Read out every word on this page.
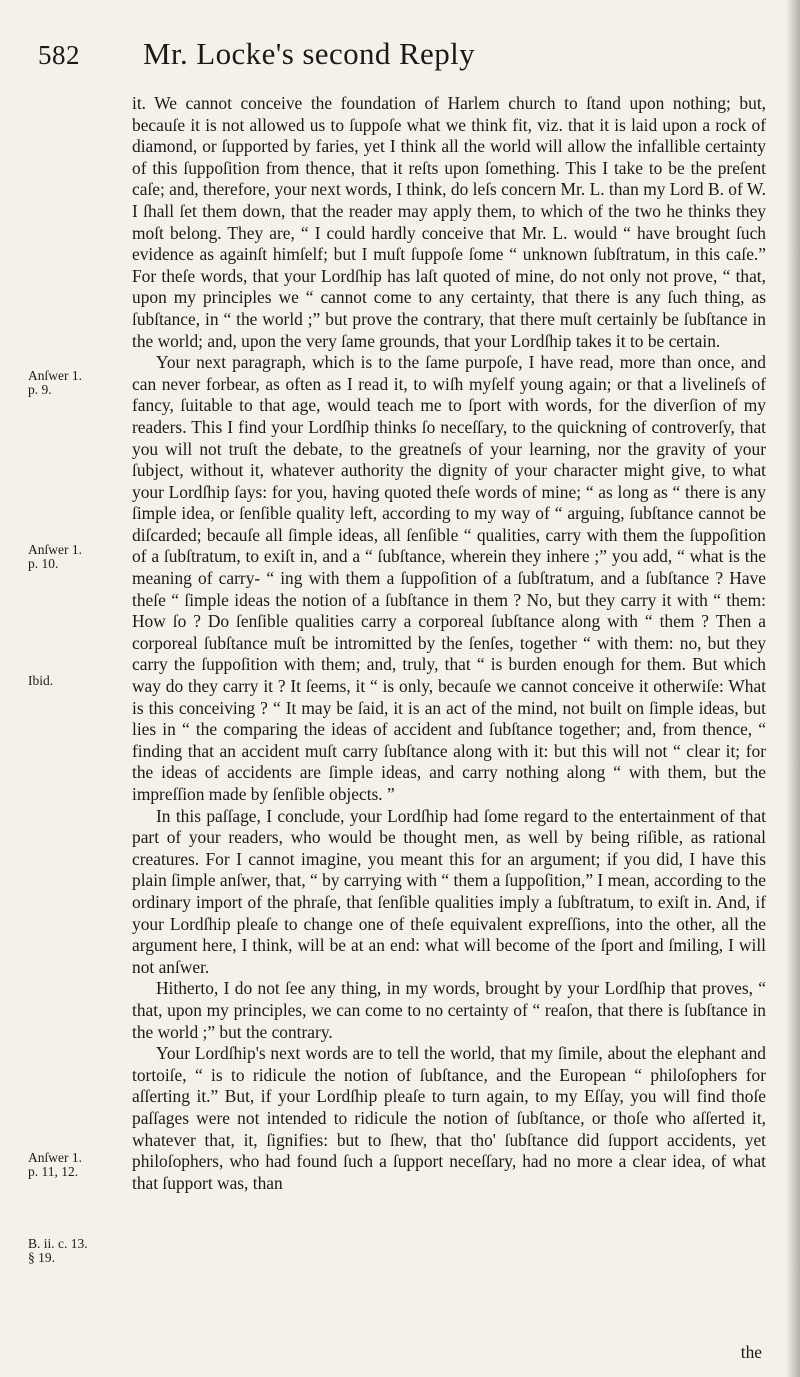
582 Mr. Locke's second Reply
Anſwer 1.
p. 9.
Anſwer 1.
p. 10.
Ibid.
Anſwer 1.
p. 11, 12.
B. ii. c. 13.
§ 19.

it. We cannot conceive the foundation of Harlem church to ſtand upon nothing; but, becauſe it is not allowed us to ſuppoſe what we think fit, viz. that it is laid upon a rock of diamond, or ſupported by faries, yet I think all the world will allow the infallible certainty of this ſuppoſition from thence, that it reſts upon ſomething. This I take to be the preſent caſe; and, therefore, your next words, I think, do leſs concern Mr. L. than my Lord B. of W. I ſhall ſet them down, that the reader may apply them, to which of the two he thinks they moſt belong. They are, “ I could hardly conceive that Mr. L. would “ have brought ſuch evidence as againſt himſelf; but I muſt ſuppoſe ſome “ unknown ſubſtratum, in this caſe.” For theſe words, that your Lordſhip has laſt quoted of mine, do not only not prove, “ that, upon my principles we “ cannot come to any certainty, that there is any ſuch thing, as ſubſtance, in “ the world ;” but prove the contrary, that there muſt certainly be ſubſtance in the world; and, upon the very ſame grounds, that your Lordſhip takes it to be certain.

Your next paragraph, which is to the ſame purpoſe, I have read, more than once, and can never forbear, as often as I read it, to wiſh myſelf young again; or that a livelineſs of fancy, ſuitable to that age, would teach me to ſport with words, for the diverſion of my readers. This I find your Lordſhip thinks ſo neceſſary, to the quickning of controverſy, that you will not truſt the debate, to the greatneſs of your learning, nor the gravity of your ſubject, without it, whatever authority the dignity of your character might give, to what your Lordſhip ſays: for you, having quoted theſe words of mine; “ as long as “ there is any ſimple idea, or ſenſible quality left, according to my way of “ arguing, ſubſtance cannot be diſcarded; becauſe all ſimple ideas, all ſenſible “ qualities, carry with them the ſuppoſition of a ſubſtratum, to exiſt in, and a “ ſubſtance, wherein they inhere ;” you add, “ what is the meaning of carry- “ ing with them a ſuppoſition of a ſubſtratum, and a ſubſtance ? Have theſe “ ſimple ideas the notion of a ſubſtance in them ? No, but they carry it with “ them: How ſo ? Do ſenſible qualities carry a corporeal ſubſtance along with “ them ? Then a corporeal ſubſtance muſt be intromitted by the ſenſes, together “ with them: no, but they carry the ſuppoſition with them; and, truly, that “ is burden enough for them. But which way do they carry it ? It ſeems, it “ is only, becauſe we cannot conceive it otherwiſe: What is this conceiving ? “ It may be ſaid, it is an act of the mind, not built on ſimple ideas, but lies in “ the comparing the ideas of accident and ſubſtance together; and, from thence, “ finding that an accident muſt carry ſubſtance along with it: but this will not “ clear it; for the ideas of accidents are ſimple ideas, and carry nothing along “ with them, but the impreſſion made by ſenſible objects. ”

In this paſſage, I conclude, your Lordſhip had ſome regard to the entertainment of that part of your readers, who would be thought men, as well by being riſible, as rational creatures. For I cannot imagine, you meant this for an argument; if you did, I have this plain ſimple anſwer, that, “ by carrying with “ them a ſuppoſition,” I mean, according to the ordinary import of the phraſe, that ſenſible qualities imply a ſubſtratum, to exiſt in. And, if your Lordſhip pleaſe to change one of theſe equivalent expreſſions, into the other, all the argument here, I think, will be at an end: what will become of the ſport and ſmiling, I will not anſwer.

Hitherto, I do not ſee any thing, in my words, brought by your Lordſhip that proves, “ that, upon my principles, we can come to no certainty of “ reaſon, that there is ſubſtance in the world ;” but the contrary.

Your Lordſhip's next words are to tell the world, that my ſimile, about the elephant and tortoiſe, “ is to ridicule the notion of ſubſtance, and the European “ philoſophers for aſſerting it.” But, if your Lordſhip pleaſe to turn again, to my Eſſay, you will find thoſe paſſages were not intended to ridicule the notion of ſubſtance, or thoſe who aſſerted it, whatever that, it, ſignifies: but to ſhew, that tho' ſubſtance did ſupport accidents, yet philoſophers, who had found ſuch a ſupport neceſſary, had no more a clear idea, of what that ſupport was, than

the
